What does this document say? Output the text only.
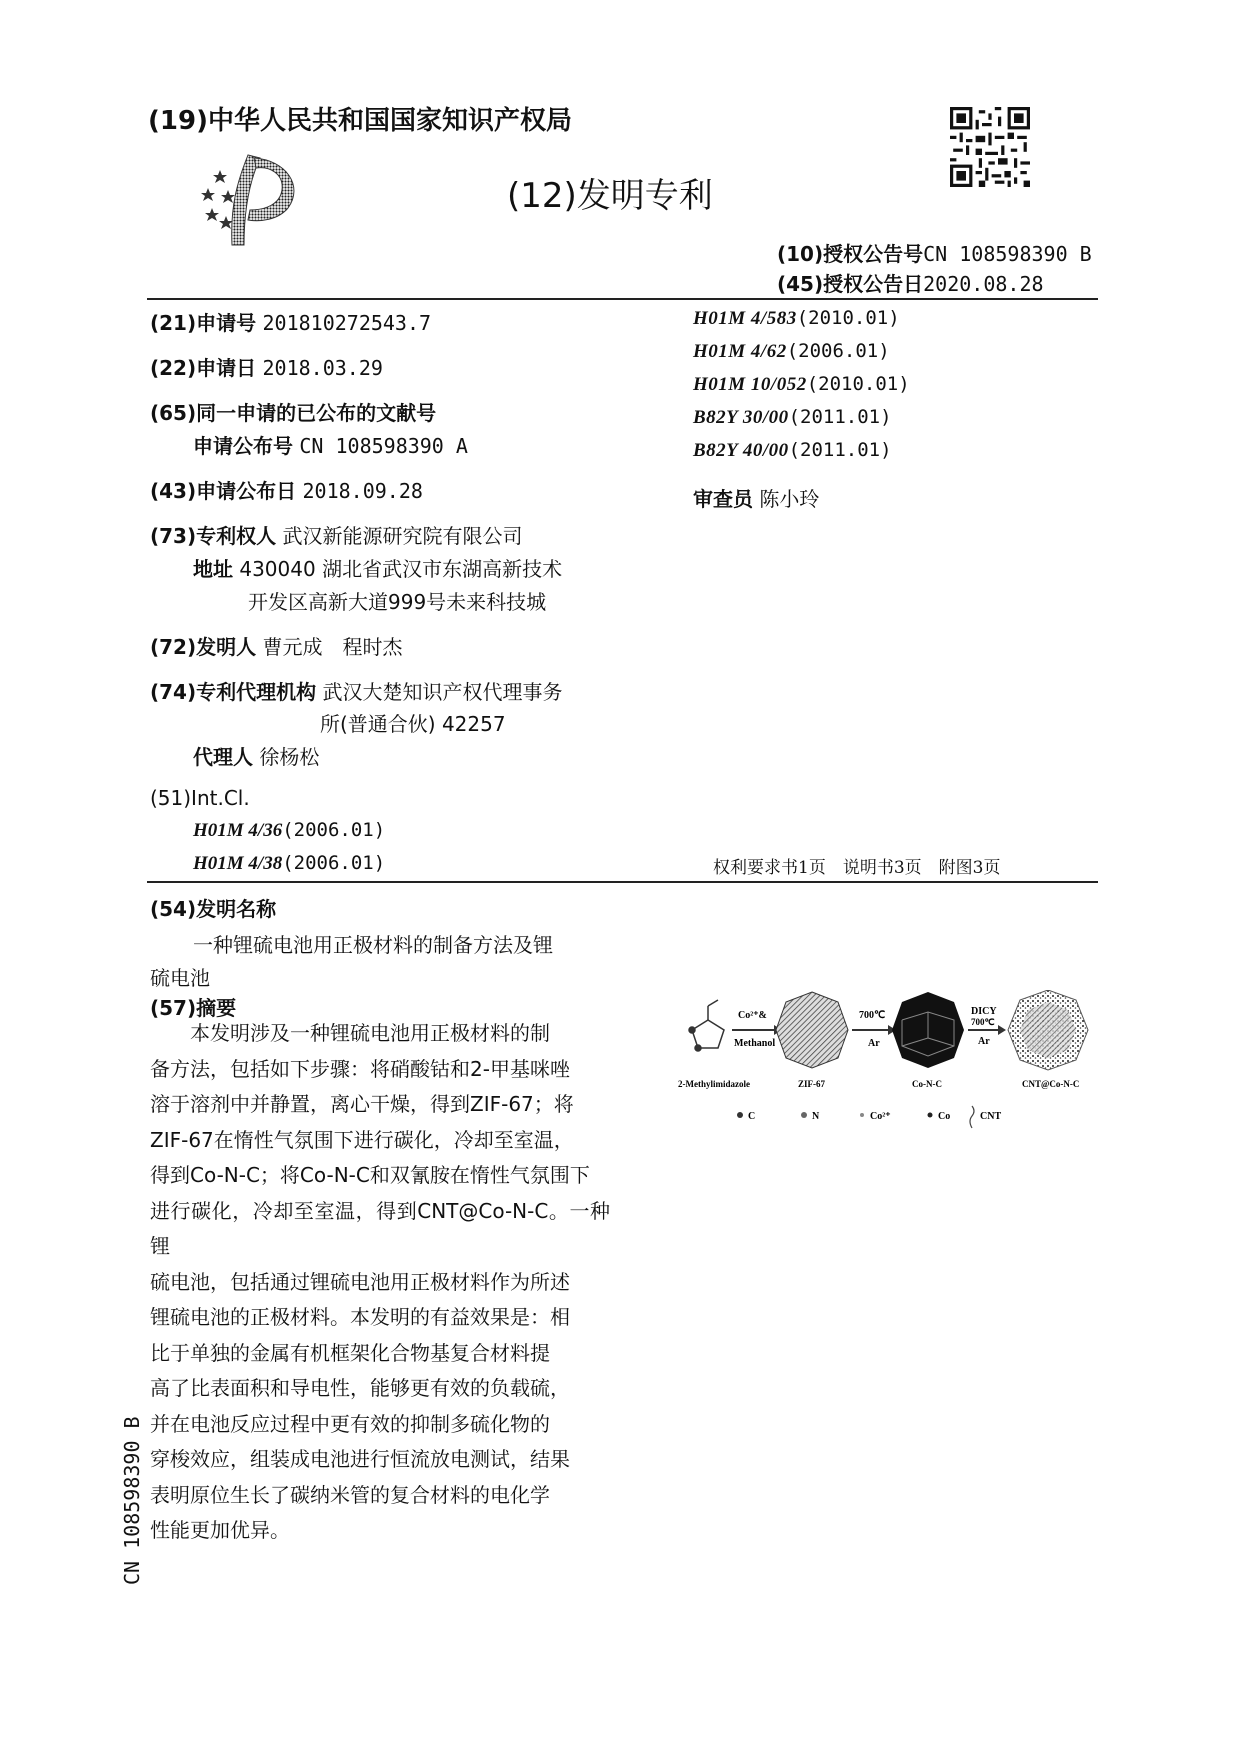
(19)中华人民共和国国家知识产权局
(12)发明专利
(10)授权公告号CN 108598390 B
(45)授权公告日2020.08.28
(21)申请号 201810272543.7
(22)申请日 2018.03.29
(65)同一申请的已公布的文献号
申请公布号 CN 108598390 A
(43)申请公布日 2018.09.28
(73)专利权人 武汉新能源研究院有限公司
地址 430040 湖北省武汉市东湖高新技术
开发区高新大道999号未来科技城
(72)发明人 曹元成　程时杰
(74)专利代理机构 武汉大楚知识产权代理事务
所(普通合伙) 42257
代理人 徐杨松
(51)Int.Cl.
H01M 4/36(2006.01)
H01M 4/38(2006.01)
H01M 4/583(2010.01)
H01M 4/62(2006.01)
H01M 10/052(2010.01)
B82Y 30/00(2011.01)
B82Y 40/00(2011.01)
审查员 陈小玲
权利要求书1页　说明书3页　附图3页
(54)发明名称
一种锂硫电池用正极材料的制备方法及锂
硫电池
(57)摘要

　　本发明涉及一种锂硫电池用正极材料的制

备方法，包括如下步骤：将硝酸钴和2-甲基咪唑

溶于溶剂中并静置，离心干燥，得到ZIF-67；将

ZIF-67在惰性气氛围下进行碳化，冷却至室温，

得到Co-N-C；将Co-N-C和双氰胺在惰性气氛围下

进行碳化，冷却至室温，得到CNT@Co-N-C。一种锂

硫电池，包括通过锂硫电池用正极材料作为所述

锂硫电池的正极材料。本发明的有益效果是：相

比于单独的金属有机框架化合物基复合材料提

高了比表面积和导电性，能够更有效的负载硫，

并在电池反应过程中更有效的抑制多硫化物的

穿梭效应，组装成电池进行恒流放电测试，结果

表明原位生长了碳纳米管的复合材料的电化学

性能更加优异。

Co²⁺&
Methanol
700℃
Ar
DICY
700℃
Ar
2-Methylimidazole	ZIF-67	Co-N-C	CNT@Co-N-C
C	N	Co²⁺	Co	CNT
CN 108598390 B
